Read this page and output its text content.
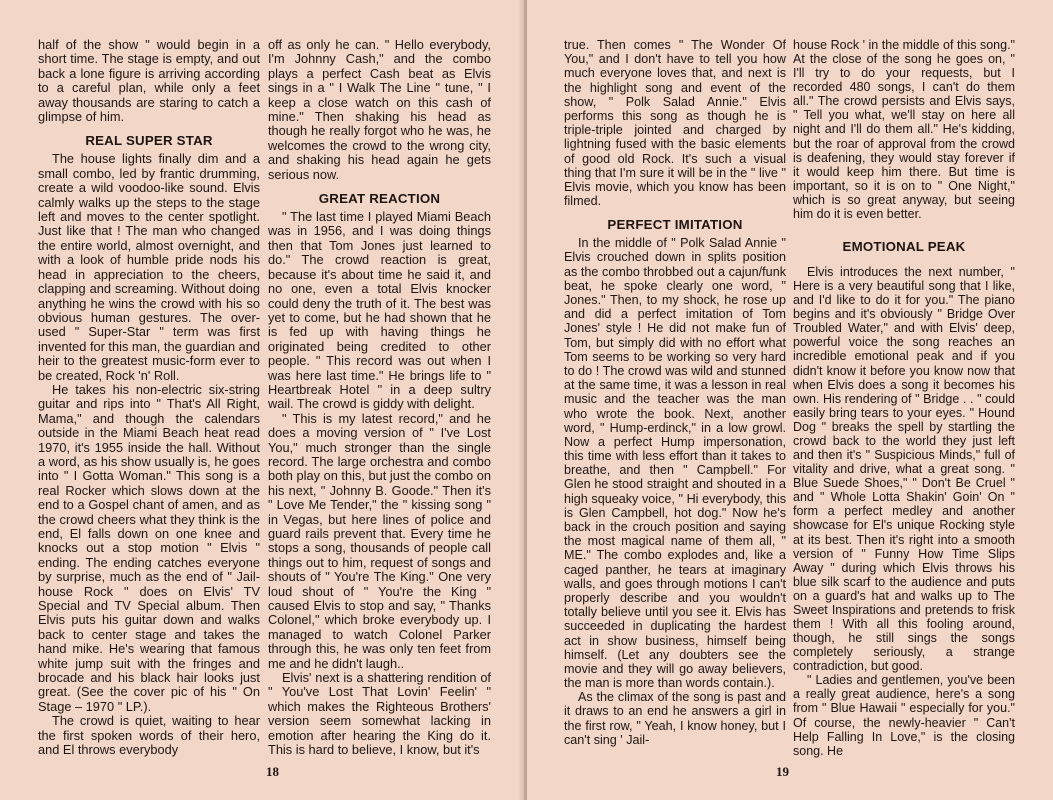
half of the show " would begin in a short time. The stage is empty, and out back a lone figure is arriving according to a careful plan, while only a feet away thousands are staring to catch a glimpse of him.

REAL SUPER STAR

The house lights finally dim and a small combo, led by frantic drumming, create a wild voodoo-like sound. Elvis calmly walks up the steps to the stage left and moves to the center spotlight. Just like that ! The man who changed the entire world, almost overnight, and with a look of humble pride nods his head in appreciation to the cheers, clapping and screaming. Without doing anything he wins the crowd with his so obvious human gestures. The over-used " Super-Star " term was first invented for this man, the guardian and heir to the greatest music-form ever to be created, Rock 'n' Roll.

He takes his non-electric six-string guitar and rips into " That's All Right, Mama," and though the calendars outside in the Miami Beach heat read 1970, it's 1955 inside the hall. Without a word, as his show usually is, he goes into " I Gotta Woman." This song is a real Rocker which slows down at the end to a Gospel chant of amen, and as the crowd cheers what they think is the end, El falls down on one knee and knocks out a stop motion " Elvis " ending. The ending catches everyone by surprise, much as the end of " Jail-house Rock " does on Elvis' TV Special and TV Special album. Then Elvis puts his guitar down and walks back to center stage and takes the hand mike. He's wearing that famous white jump suit with the fringes and brocade and his black hair looks just great. (See the cover pic of his " On Stage – 1970 " LP.).

The crowd is quiet, waiting to hear the first spoken words of their hero, and El throws everybody

off as only he can. " Hello everybody, I'm Johnny Cash," and the combo plays a perfect Cash beat as Elvis sings in a " I Walk The Line " tune, " I keep a close watch on this cash of mine." Then shaking his head as though he really forgot who he was, he welcomes the crowd to the wrong city, and shaking his head again he gets serious now.

GREAT REACTION

" The last time I played Miami Beach was in 1956, and I was doing things then that Tom Jones just learned to do." The crowd reaction is great, because it's about time he said it, and no one, even a total Elvis knocker could deny the truth of it. The best was yet to come, but he had shown that he is fed up with having things he originated being credited to other people. " This record was out when I was here last time." He brings life to " Heartbreak Hotel " in a deep sultry wail. The crowd is giddy with delight.

" This is my latest record," and he does a moving version of " I've Lost You," much stronger than the single record. The large orchestra and combo both play on this, but just the combo on his next, " Johnny B. Goode." Then it's " Love Me Tender," the " kissing song " in Vegas, but here lines of police and guard rails prevent that. Every time he stops a song, thousands of people call things out to him, request of songs and shouts of " You're The King." One very loud shout of " You're the King " caused Elvis to stop and say, " Thanks Colonel," which broke everybody up. I managed to watch Colonel Parker through this, he was only ten feet from me and he didn't laugh..

Elvis' next is a shattering rendition of " You've Lost That Lovin' Feelin' " which makes the Righteous Brothers' version seem somewhat lacking in emotion after hearing the King do it. This is hard to believe, I know, but it's

18

true. Then comes " The Wonder Of You," and I don't have to tell you how much everyone loves that, and next is the highlight song and event of the show, " Polk Salad Annie." Elvis performs this song as though he is triple-triple jointed and charged by lightning fused with the basic elements of good old Rock. It's such a visual thing that I'm sure it will be in the " live " Elvis movie, which you know has been filmed.

PERFECT IMITATION

In the middle of " Polk Salad Annie " Elvis crouched down in splits position as the combo throbbed out a cajun/funk beat, he spoke clearly one word, " Jones." Then, to my shock, he rose up and did a perfect imitation of Tom Jones' style ! He did not make fun of Tom, but simply did with no effort what Tom seems to be working so very hard to do ! The crowd was wild and stunned at the same time, it was a lesson in real music and the teacher was the man who wrote the book. Next, another word, " Hump-erdinck," in a low growl. Now a perfect Hump impersonation, this time with less effort than it takes to breathe, and then " Campbell." For Glen he stood straight and shouted in a high squeaky voice, " Hi everybody, this is Glen Campbell, hot dog." Now he's back in the crouch position and saying the most magical name of them all, " ME." The combo explodes and, like a caged panther, he tears at imaginary walls, and goes through motions I can't properly describe and you wouldn't totally believe until you see it. Elvis has succeeded in duplicating the hardest act in show business, himself being himself. (Let any doubters see the movie and they will go away believers, the man is more than words contain.).

As the climax of the song is past and it draws to an end he answers a girl in the first row, " Yeah, I know honey, but I can't sing ' Jail-

house Rock ' in the middle of this song." At the close of the song he goes on, " I'll try to do your requests, but I recorded 480 songs, I can't do them all." The crowd persists and Elvis says, " Tell you what, we'll stay on here all night and I'll do them all." He's kidding, but the roar of approval from the crowd is deafening, they would stay forever if it would keep him there. But time is important, so it is on to " One Night," which is so great anyway, but seeing him do it is even better.

EMOTIONAL PEAK

Elvis introduces the next number, " Here is a very beautiful song that I like, and I'd like to do it for you." The piano begins and it's obviously " Bridge Over Troubled Water," and with Elvis' deep, powerful voice the song reaches an incredible emotional peak and if you didn't know it before you know now that when Elvis does a song it becomes his own. His rendering of " Bridge . . " could easily bring tears to your eyes. " Hound Dog " breaks the spell by startling the crowd back to the world they just left and then it's " Suspicious Minds," full of vitality and drive, what a great song. " Blue Suede Shoes," " Don't Be Cruel " and " Whole Lotta Shakin' Goin' On " form a perfect medley and another showcase for El's unique Rocking style at its best. Then it's right into a smooth version of " Funny How Time Slips Away " during which Elvis throws his blue silk scarf to the audience and puts on a guard's hat and walks up to The Sweet Inspirations and pretends to frisk them ! With all this fooling around, though, he still sings the songs completely seriously, a strange contradiction, but good.

" Ladies and gentlemen, you've been a really great audience, here's a song from " Blue Hawaii " especially for you." Of course, the newly-heavier " Can't Help Falling In Love," is the closing song. He

19
